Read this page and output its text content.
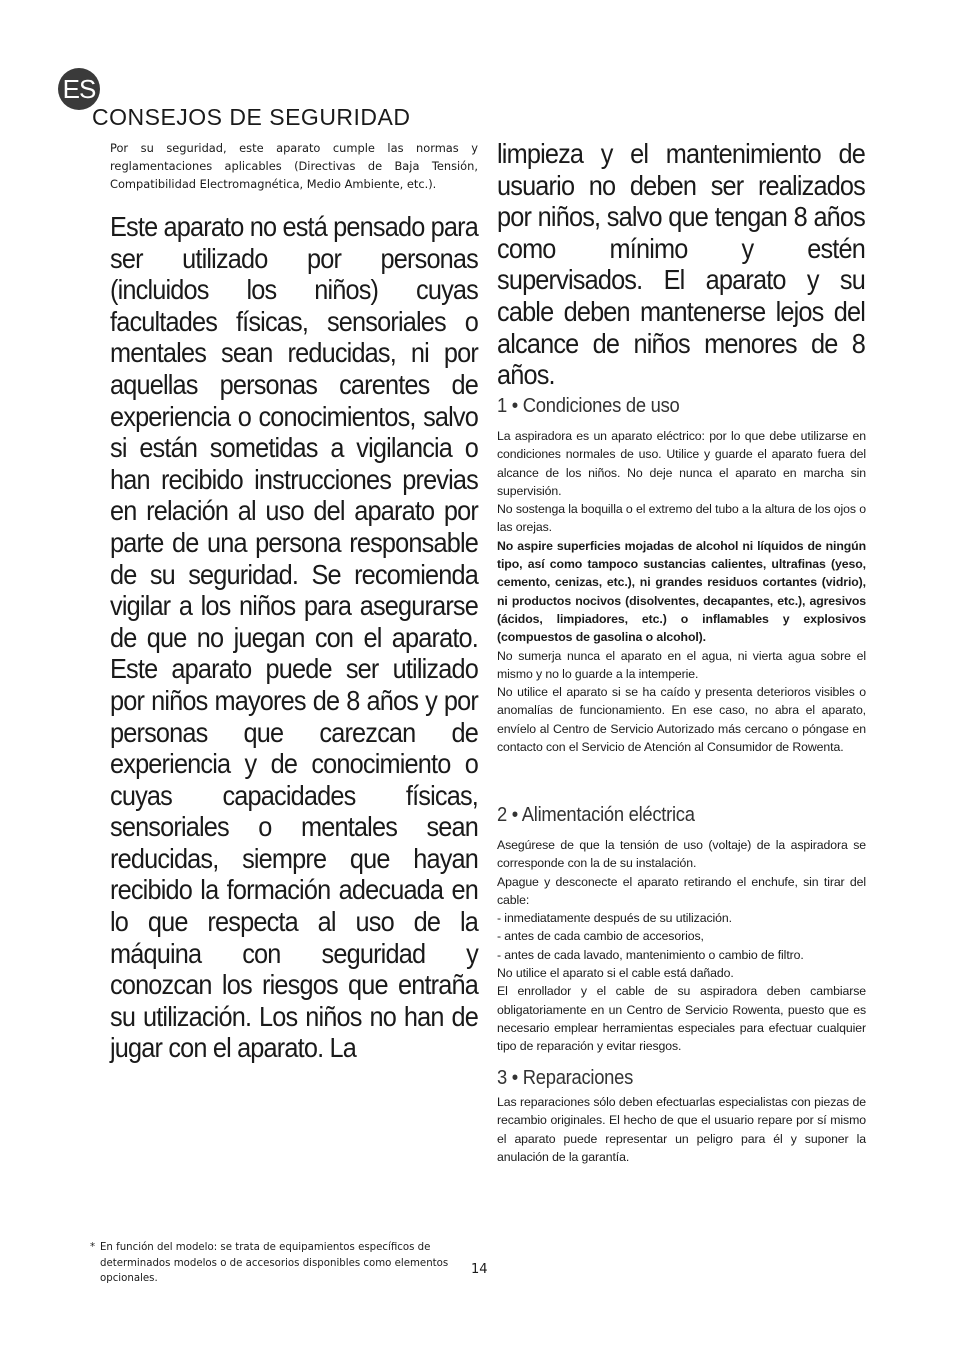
ES
CONSEJOS DE SEGURIDAD

Por su seguridad, este aparato cumple las normas y reglamentaciones aplicables (Directivas de Baja Tensión, Compatibilidad Electromagnética, Medio Ambiente, etc.).

Este aparato no está pensado para ser utilizado por personas (incluidos los niños) cuyas facultades físicas, sensoriales o mentales sean reducidas, ni por aquellas personas carentes de experiencia o conocimientos, salvo si están sometidas a vigilancia o han recibido instrucciones previas en relación al uso del aparato por parte de una persona responsable de su seguridad. Se recomienda vigilar a los niños para asegurarse de que no juegan con el aparato. Este aparato puede ser utilizado por niños mayores de 8 años y por personas que carezcan de experiencia y de conocimiento o cuyas capacidades físicas, sensoriales o mentales sean reducidas, siempre que hayan recibido la formación adecuada en lo que respecta al uso de la máquina con seguridad y conozcan los riesgos que entraña su utilización. Los niños no han de jugar con el aparato. La

limpieza y el mantenimiento de usuario no deben ser realizados por niños, salvo que tengan 8 años como mínimo y estén supervisados. El aparato y su cable deben mantenerse lejos del alcance de niños menores de 8 años.

1 • Condiciones de uso

La aspiradora es un aparato eléctrico: por lo que debe utilizarse en condiciones normales de uso. Utilice y guarde el aparato fuera del alcance de los niños. No deje nunca el aparato en marcha sin supervisión.

No sostenga la boquilla o el extremo del tubo a la altura de los ojos o las orejas.

No aspire superficies mojadas de alcohol ni líquidos de ningún tipo, así como tampoco sustancias calientes, ultrafinas (yeso, cemento, cenizas, etc.), ni grandes residuos cortantes (vidrio), ni productos nocivos (disolventes, decapantes, etc.), agresivos (ácidos, limpiadores, etc.) o inflamables y explosivos (compuestos de gasolina o alcohol).

No sumerja nunca el aparato en el agua, ni vierta agua sobre el mismo y no lo guarde a la intemperie.

No utilice el aparato si se ha caído y presenta deterioros visibles o anomalías de funcionamiento. En ese caso, no abra el aparato, envíelo al Centro de Servicio Autorizado más cercano o póngase en contacto con el Servicio de Atención al Consumidor de Rowenta.

2 • Alimentación eléctrica

Asegúrese de que la tensión de uso (voltaje) de la aspiradora se corresponde con la de su instalación.

Apague y desconecte el aparato retirando el enchufe, sin tirar del cable:

- inmediatamente después de su utilización.

- antes de cada cambio de accesorios,

- antes de cada lavado, mantenimiento o cambio de filtro.

No utilice el aparato si el cable está dañado.

El enrollador y el cable de su aspiradora deben cambiarse obligatoriamente en un Centro de Servicio Rowenta, puesto que es necesario emplear herramientas especiales para efectuar cualquier tipo de reparación y evitar riesgos.

3 • Reparaciones

Las reparaciones sólo deben efectuarlas especialistas con piezas de recambio originales. El hecho de que el usuario repare por sí mismo el aparato puede representar un peligro para él y suponer la anulación de la garantía.

* En función del modelo: se trata de equipamientos específicos de determinados modelos o de accesorios disponibles como elementos opcionales.
14
